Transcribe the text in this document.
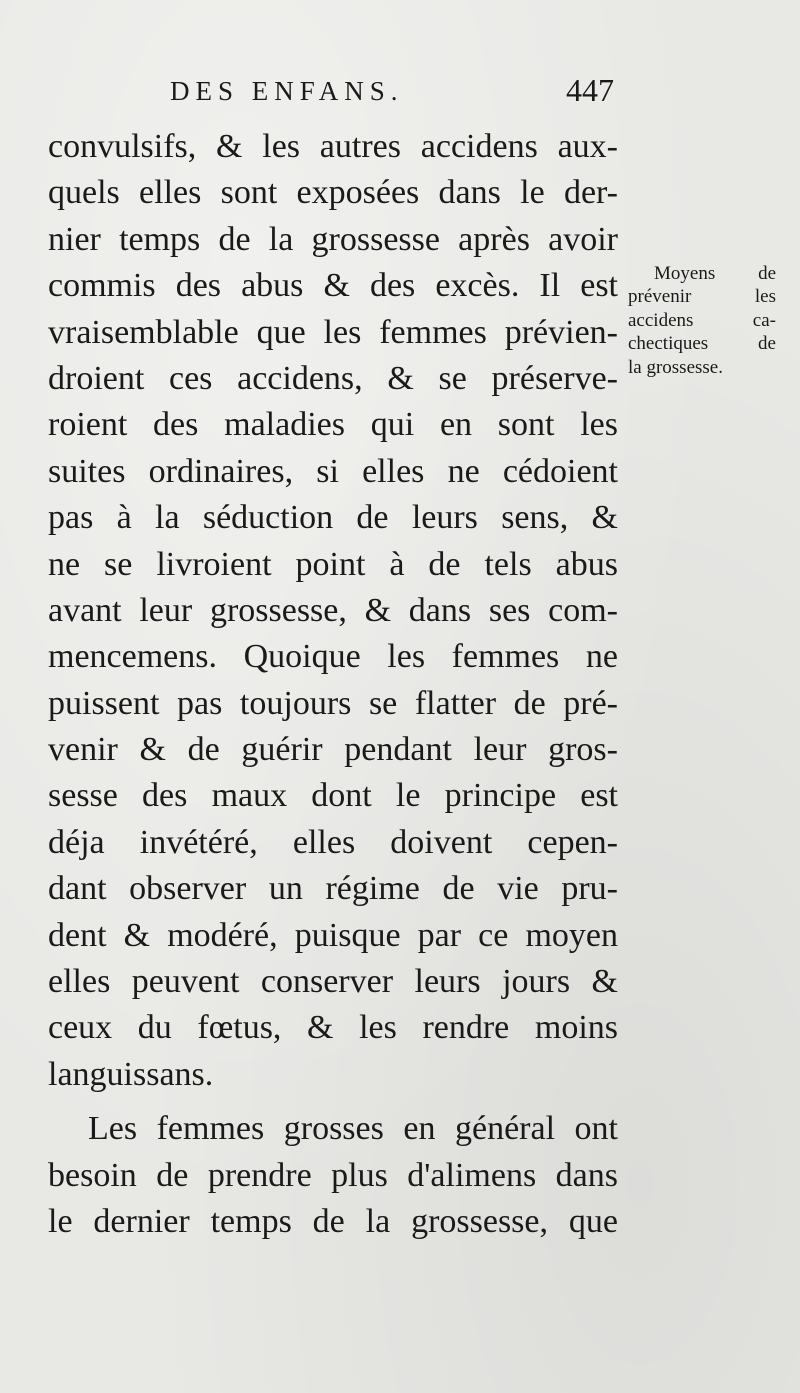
DES ENFANS.	447
convulsifs, & les autres accidens aux-
quels elles sont exposées dans le der-
nier temps de la grossesse après avoir
commis des abus & des excès. Il est
vraisemblable que les femmes prévien-
droient ces accidens, & se préserve-
roient des maladies qui en sont les
suites ordinaires, si elles ne cédoient
pas à la séduction de leurs sens, &
ne se livroient point à de tels abus
avant leur grossesse, & dans ses com-
mencemens. Quoique les femmes ne
puissent pas toujours se flatter de pré-
venir & de guérir pendant leur gros-
sesse des maux dont le principe est
déja invétéré, elles doivent cepen-
dant observer un régime de vie pru-
dent & modéré, puisque par ce moyen
elles peuvent conserver leurs jours &
ceux du fœtus, & les rendre moins
languissans.
Les femmes grosses en général ont
besoin de prendre plus d'alimens dans
le dernier temps de la grossesse, que
Moyens de
prévenir les
accidens ca-
chectiques de
la grossesse.
